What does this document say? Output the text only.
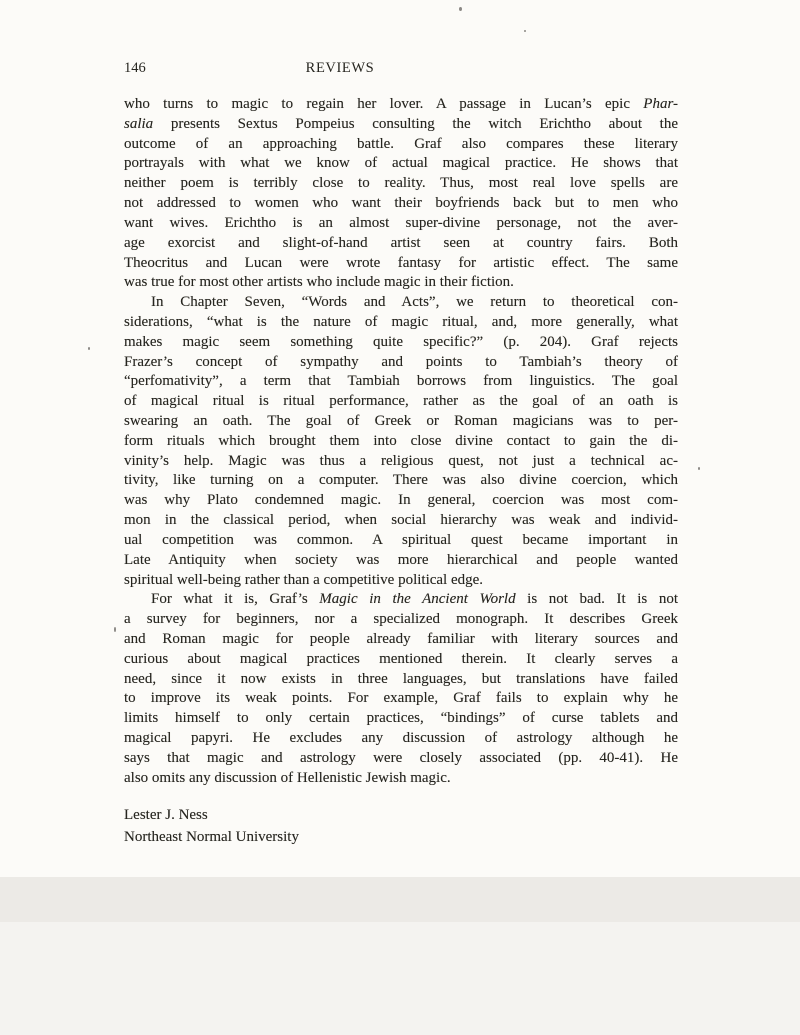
146	REVIEWS
who turns to magic to regain her lover. A passage in Lucan’s epic Phar-
salia presents Sextus Pompeius consulting the witch Erichtho about the
outcome of an approaching battle. Graf also compares these literary
portrayals with what we know of actual magical practice. He shows that
neither poem is terribly close to reality. Thus, most real love spells are
not addressed to women who want their boyfriends back but to men who
want wives. Erichtho is an almost super-divine personage, not the aver-
age exorcist and slight-of-hand artist seen at country fairs. Both
Theocritus and Lucan were wrote fantasy for artistic effect. The same
was true for most other artists who include magic in their fiction.
In Chapter Seven, “Words and Acts”, we return to theoretical con-
siderations, “what is the nature of magic ritual, and, more generally, what
makes magic seem something quite specific?” (p. 204). Graf rejects
Frazer’s concept of sympathy and points to Tambiah’s theory of
“perfomativity”, a term that Tambiah borrows from linguistics. The goal
of magical ritual is ritual performance, rather as the goal of an oath is
swearing an oath. The goal of Greek or Roman magicians was to per-
form rituals which brought them into close divine contact to gain the di-
vinity’s help. Magic was thus a religious quest, not just a technical ac-
tivity, like turning on a computer. There was also divine coercion, which
was why Plato condemned magic. In general, coercion was most com-
mon in the classical period, when social hierarchy was weak and individ-
ual competition was common. A spiritual quest became important in
Late Antiquity when society was more hierarchical and people wanted
spiritual well-being rather than a competitive political edge.
For what it is, Graf’s Magic in the Ancient World is not bad. It is not
a survey for beginners, nor a specialized monograph. It describes Greek
and Roman magic for people already familiar with literary sources and
curious about magical practices mentioned therein. It clearly serves a
need, since it now exists in three languages, but translations have failed
to improve its weak points. For example, Graf fails to explain why he
limits himself to only certain practices, “bindings” of curse tablets and
magical papyri. He excludes any discussion of astrology although he
says that magic and astrology were closely associated (pp. 40-41). He
also omits any discussion of Hellenistic Jewish magic.
Lester J. Ness
Northeast Normal University
